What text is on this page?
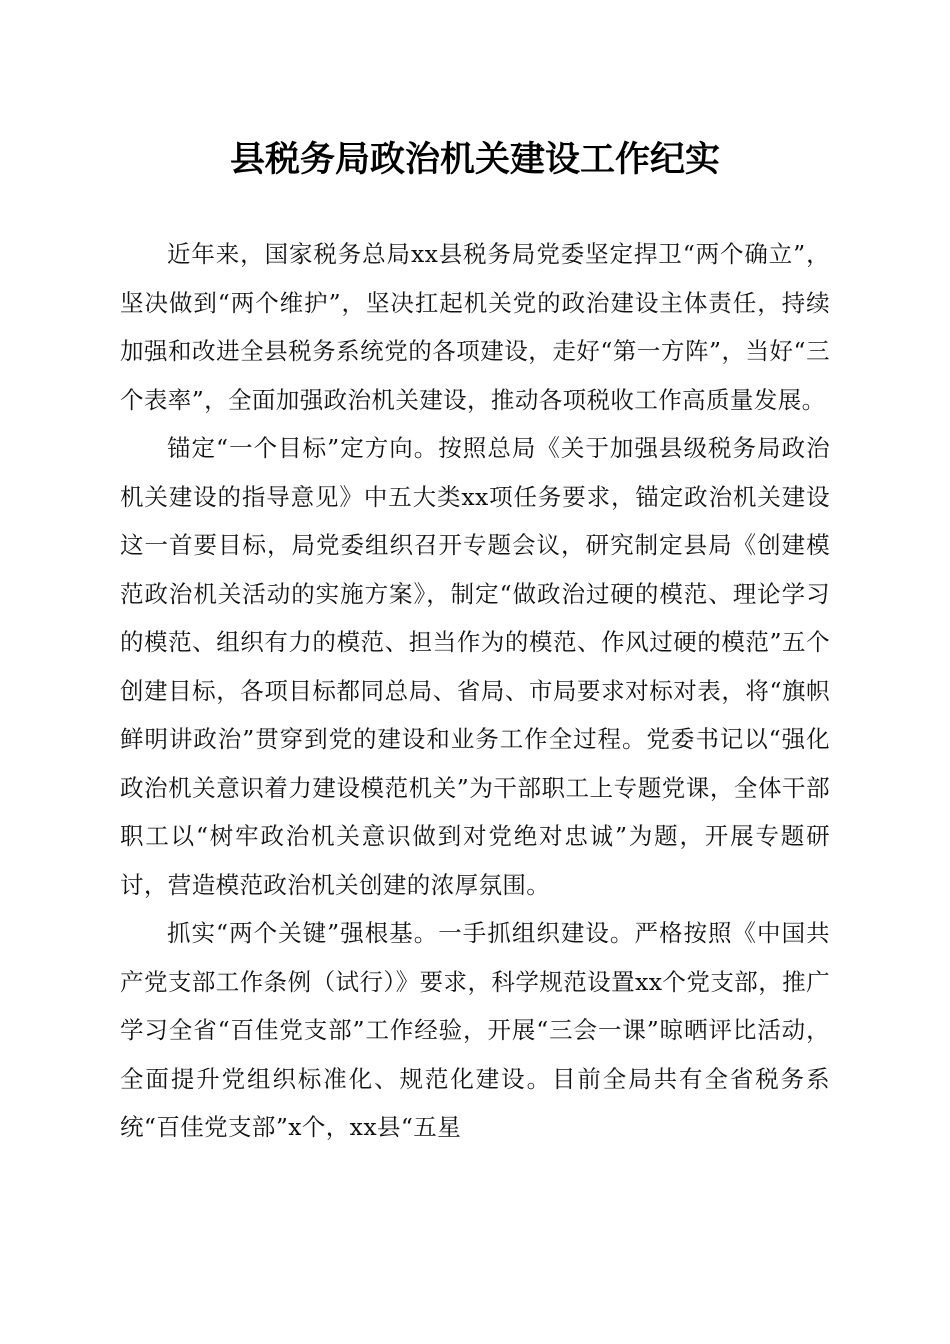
县税务局政治机关建设工作纪实

近年来，国家税务总局xx县税务局党委坚定捍卫“两个确立”，坚决做到“两个维护”，坚决扛起机关党的政治建设主体责任，持续加强和改进全县税务系统党的各项建设，走好“第一方阵”，当好“三个表率”，全面加强政治机关建设，推动各项税收工作高质量发展。

锚定“一个目标”定方向。按照总局《关于加强县级税务局政治机关建设的指导意见》中五大类xx项任务要求，锚定政治机关建设这一首要目标，局党委组织召开专题会议，研究制定县局《创建模范政治机关活动的实施方案》，制定“做政治过硬的模范、理论学习的模范、组织有力的模范、担当作为的模范、作风过硬的模范”五个创建目标，各项目标都同总局、省局、市局要求对标对表，将“旗帜鲜明讲政治”贯穿到党的建设和业务工作全过程。党委书记以“强化政治机关意识着力建设模范机关”为干部职工上专题党课，全体干部职工以“树牢政治机关意识做到对党绝对忠诚”为题，开展专题研讨，营造模范政治机关创建的浓厚氛围。

抓实“两个关键”强根基。一手抓组织建设。严格按照《中国共产党支部工作条例（试行）》要求，科学规范设置xx个党支部，推广学习全省“百佳党支部”工作经验，开展“三会一课”晾晒评比活动，全面提升党组织标准化、规范化建设。目前全局共有全省税务系统“百佳党支部”x个，xx县“五星
